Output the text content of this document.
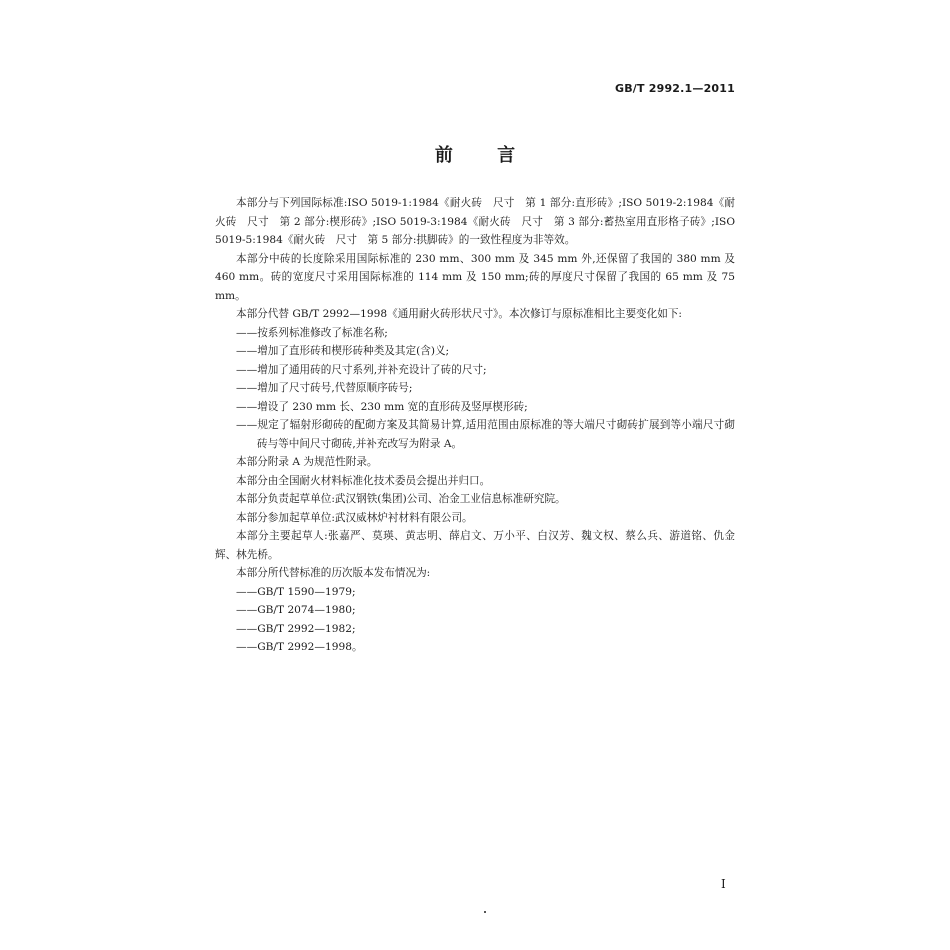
GB/T 2992.1—2011
前 言

本部分与下列国际标准:ISO 5019-1:1984《耐火砖　尺寸　第 1 部分:直形砖》;ISO 5019-2:1984《耐火砖　尺寸　第 2 部分:楔形砖》;ISO 5019-3:1984《耐火砖　尺寸　第 3 部分:蓄热室用直形格子砖》;ISO 5019-5:1984《耐火砖　尺寸　第 5 部分:拱脚砖》的一致性程度为非等效。

本部分中砖的长度除采用国际标准的 230 mm、300 mm 及 345 mm 外,还保留了我国的 380 mm 及 460 mm。砖的宽度尺寸采用国际标准的 114 mm 及 150 mm;砖的厚度尺寸保留了我国的 65 mm 及 75 mm。

本部分代替 GB/T 2992—1998《通用耐火砖形状尺寸》。本次修订与原标准相比主要变化如下:

——按系列标准修改了标准名称;

——增加了直形砖和楔形砖种类及其定(含)义;

——增加了通用砖的尺寸系列,并补充设计了砖的尺寸;

——增加了尺寸砖号,代替原顺序砖号;

——增设了 230 mm 长、230 mm 宽的直形砖及竖厚楔形砖;

——规定了辐射形砌砖的配砌方案及其简易计算,适用范围由原标准的等大端尺寸砌砖扩展到等小端尺寸砌砖与等中间尺寸砌砖,并补充改写为附录 A。

本部分附录 A 为规范性附录。

本部分由全国耐火材料标准化技术委员会提出并归口。

本部分负责起草单位:武汉钢铁(集团)公司、冶金工业信息标准研究院。

本部分参加起草单位:武汉威林炉衬材料有限公司。

本部分主要起草人:张嘉严、莫瑛、黄志明、薛启文、万小平、白汉芳、魏文权、蔡么兵、游道铭、仇金辉、林先桥。

本部分所代替标准的历次版本发布情况为:

——GB/T 1590—1979;

——GB/T 2074—1980;

——GB/T 2992—1982;

——GB/T 2992—1998。

I
